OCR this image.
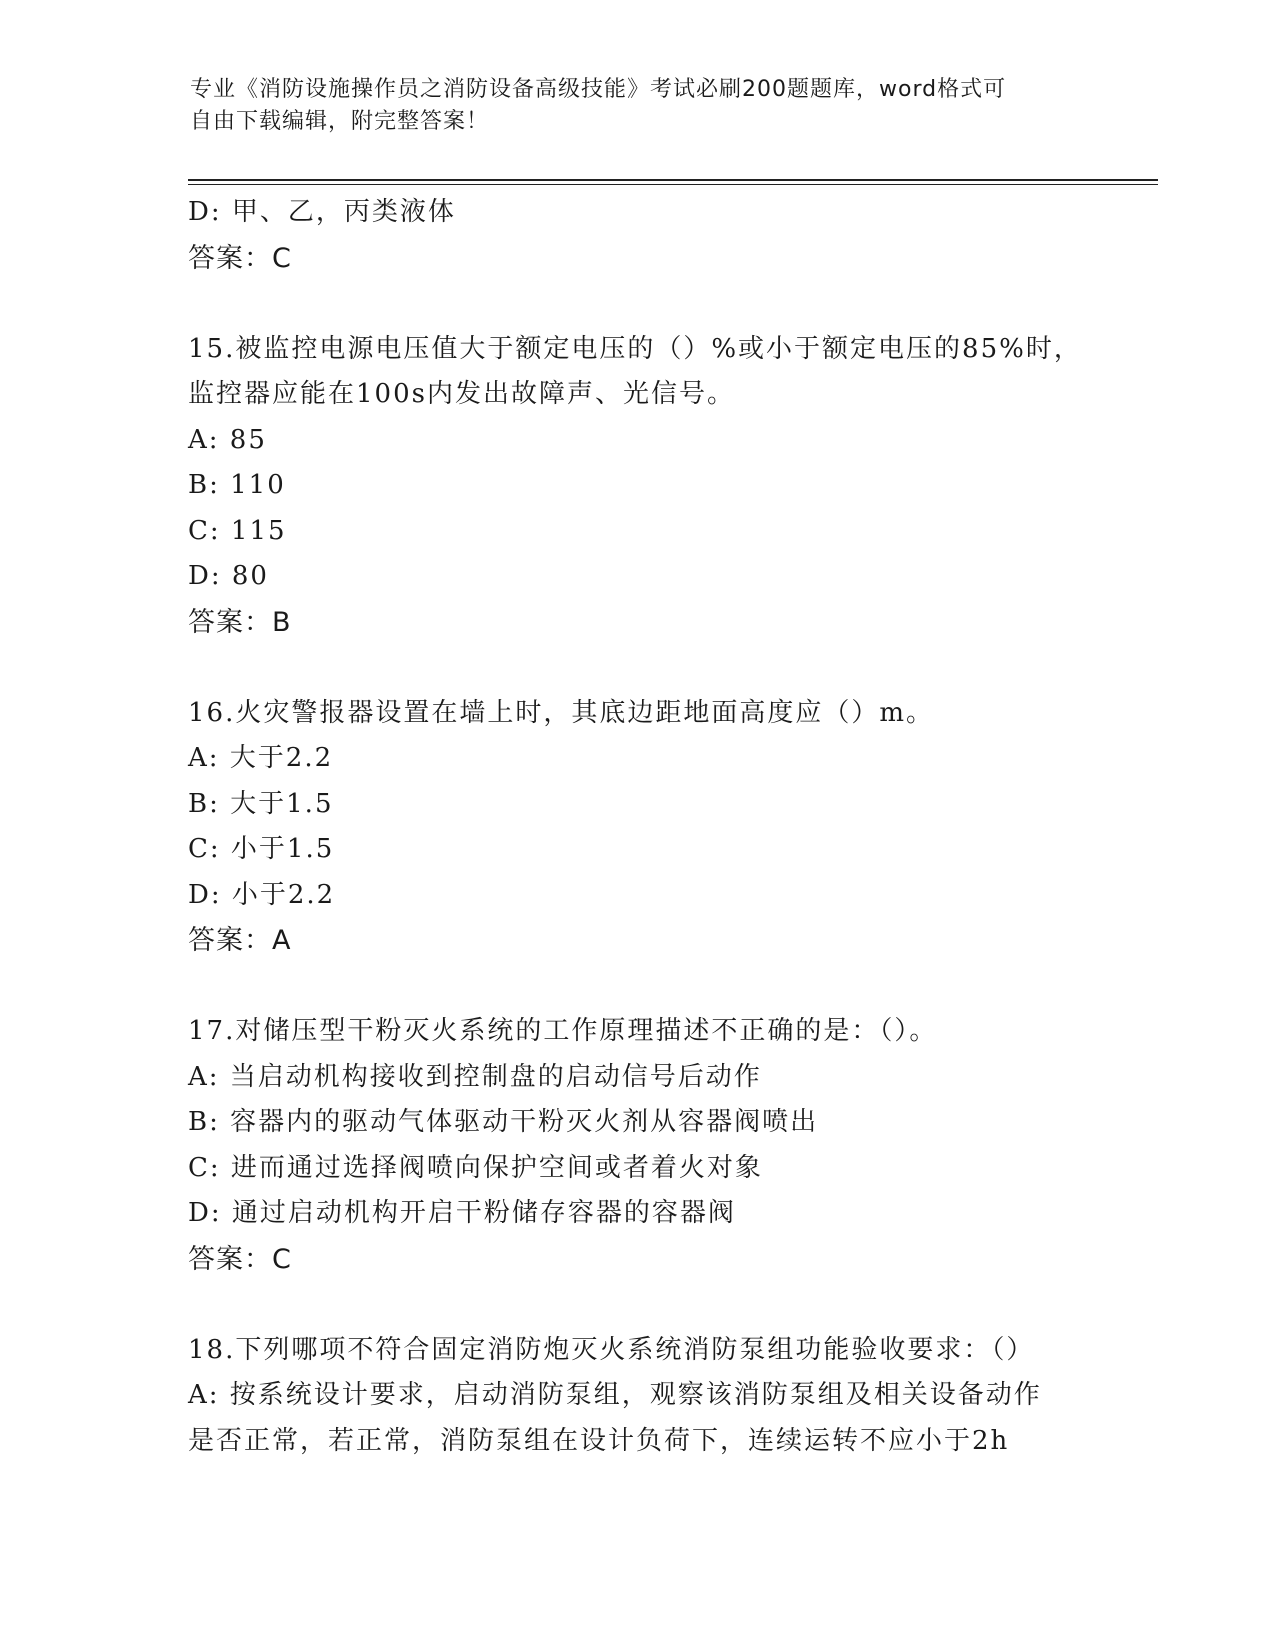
专业《消防设施操作员之消防设备高级技能》考试必刷200题题库，word格式可
自由下载编辑，附完整答案！
D: 甲、乙，丙类液体
答案：C
15.被监控电源电压值大于额定电压的（）%或小于额定电压的85%时，
监控器应能在100s内发出故障声、光信号。
A: 85
B: 110
C: 115
D: 80
答案：B
16.火灾警报器设置在墙上时，其底边距地面高度应（）m。
A: 大于2.2
B: 大于1.5
C: 小于1.5
D: 小于2.2
答案：A
17.对储压型干粉灭火系统的工作原理描述不正确的是：（）。
A: 当启动机构接收到控制盘的启动信号后动作
B: 容器内的驱动气体驱动干粉灭火剂从容器阀喷出
C: 进而通过选择阀喷向保护空间或者着火对象
D: 通过启动机构开启干粉储存容器的容器阀
答案：C
18.下列哪项不符合固定消防炮灭火系统消防泵组功能验收要求：（）
A: 按系统设计要求，启动消防泵组，观察该消防泵组及相关设备动作
是否正常，若正常，消防泵组在设计负荷下，连续运转不应小于2h
